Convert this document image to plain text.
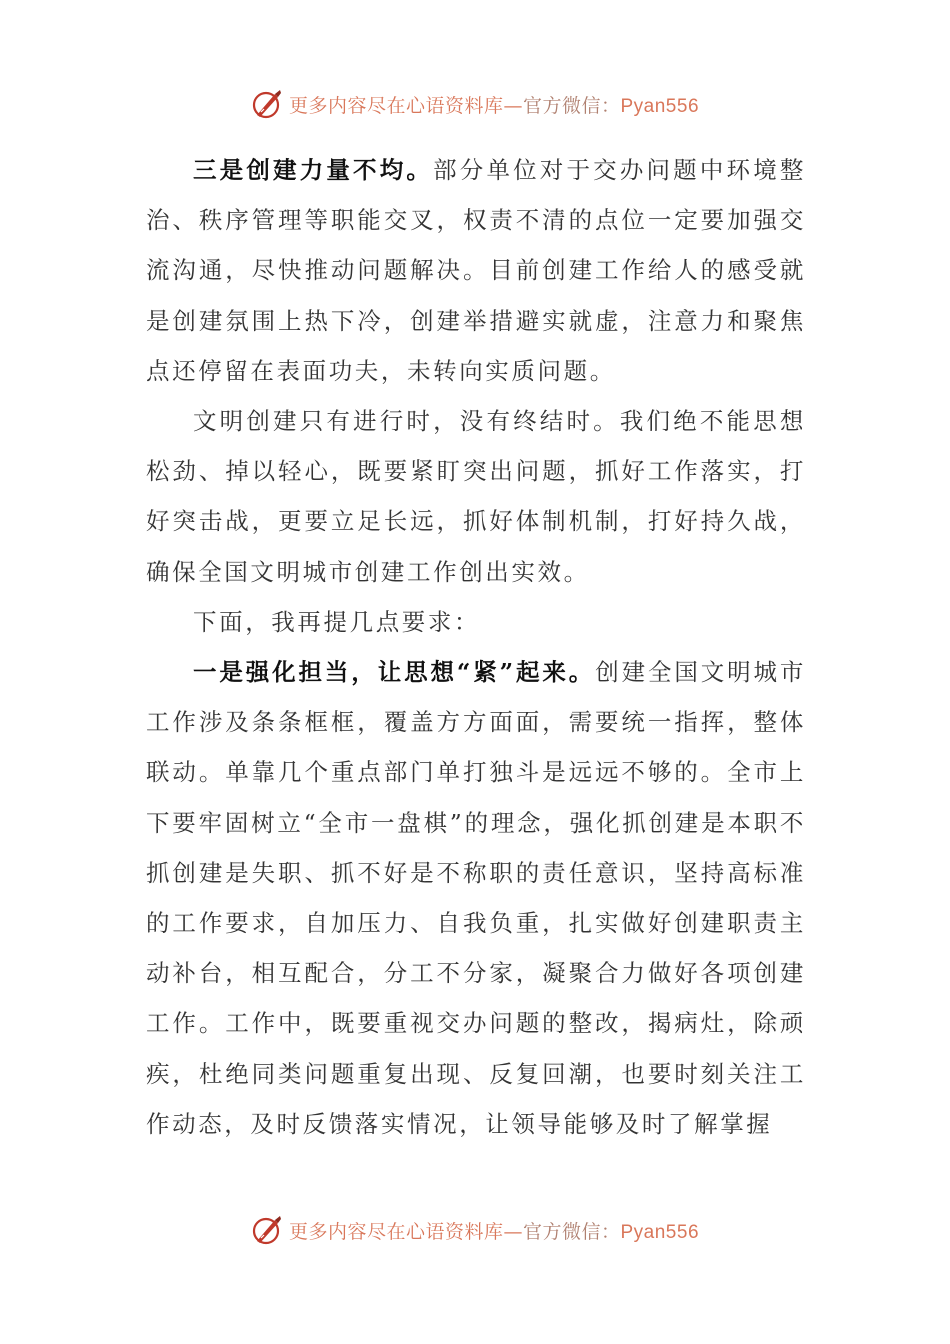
更多内容尽在心语资料库—官方微信：Pyan556

三是创建力量不均。部分单位对于交办问题中环境整治、秩序管理等职能交叉，权责不清的点位一定要加强交流沟通，尽快推动问题解决。目前创建工作给人的感受就是创建氛围上热下冷，创建举措避实就虚，注意力和聚焦点还停留在表面功夫，未转向实质问题。

文明创建只有进行时，没有终结时。我们绝不能思想松劲、掉以轻心，既要紧盯突出问题，抓好工作落实，打好突击战，更要立足长远，抓好体制机制，打好持久战，确保全国文明城市创建工作创出实效。

下面，我再提几点要求：

一是强化担当，让思想“紧”起来。创建全国文明城市工作涉及条条框框，覆盖方方面面，需要统一指挥，整体联动。单靠几个重点部门单打独斗是远远不够的。全市上下要牢固树立“全市一盘棋”的理念，强化抓创建是本职不抓创建是失职、抓不好是不称职的责任意识，坚持高标准的工作要求，自加压力、自我负重，扎实做好创建职责主动补台，相互配合，分工不分家，凝聚合力做好各项创建工作。工作中，既要重视交办问题的整改，揭病灶，除顽疾，杜绝同类问题重复出现、反复回潮，也要时刻关注工作动态，及时反馈落实情况，让领导能够及时了解掌握

更多内容尽在心语资料库—官方微信：Pyan556
